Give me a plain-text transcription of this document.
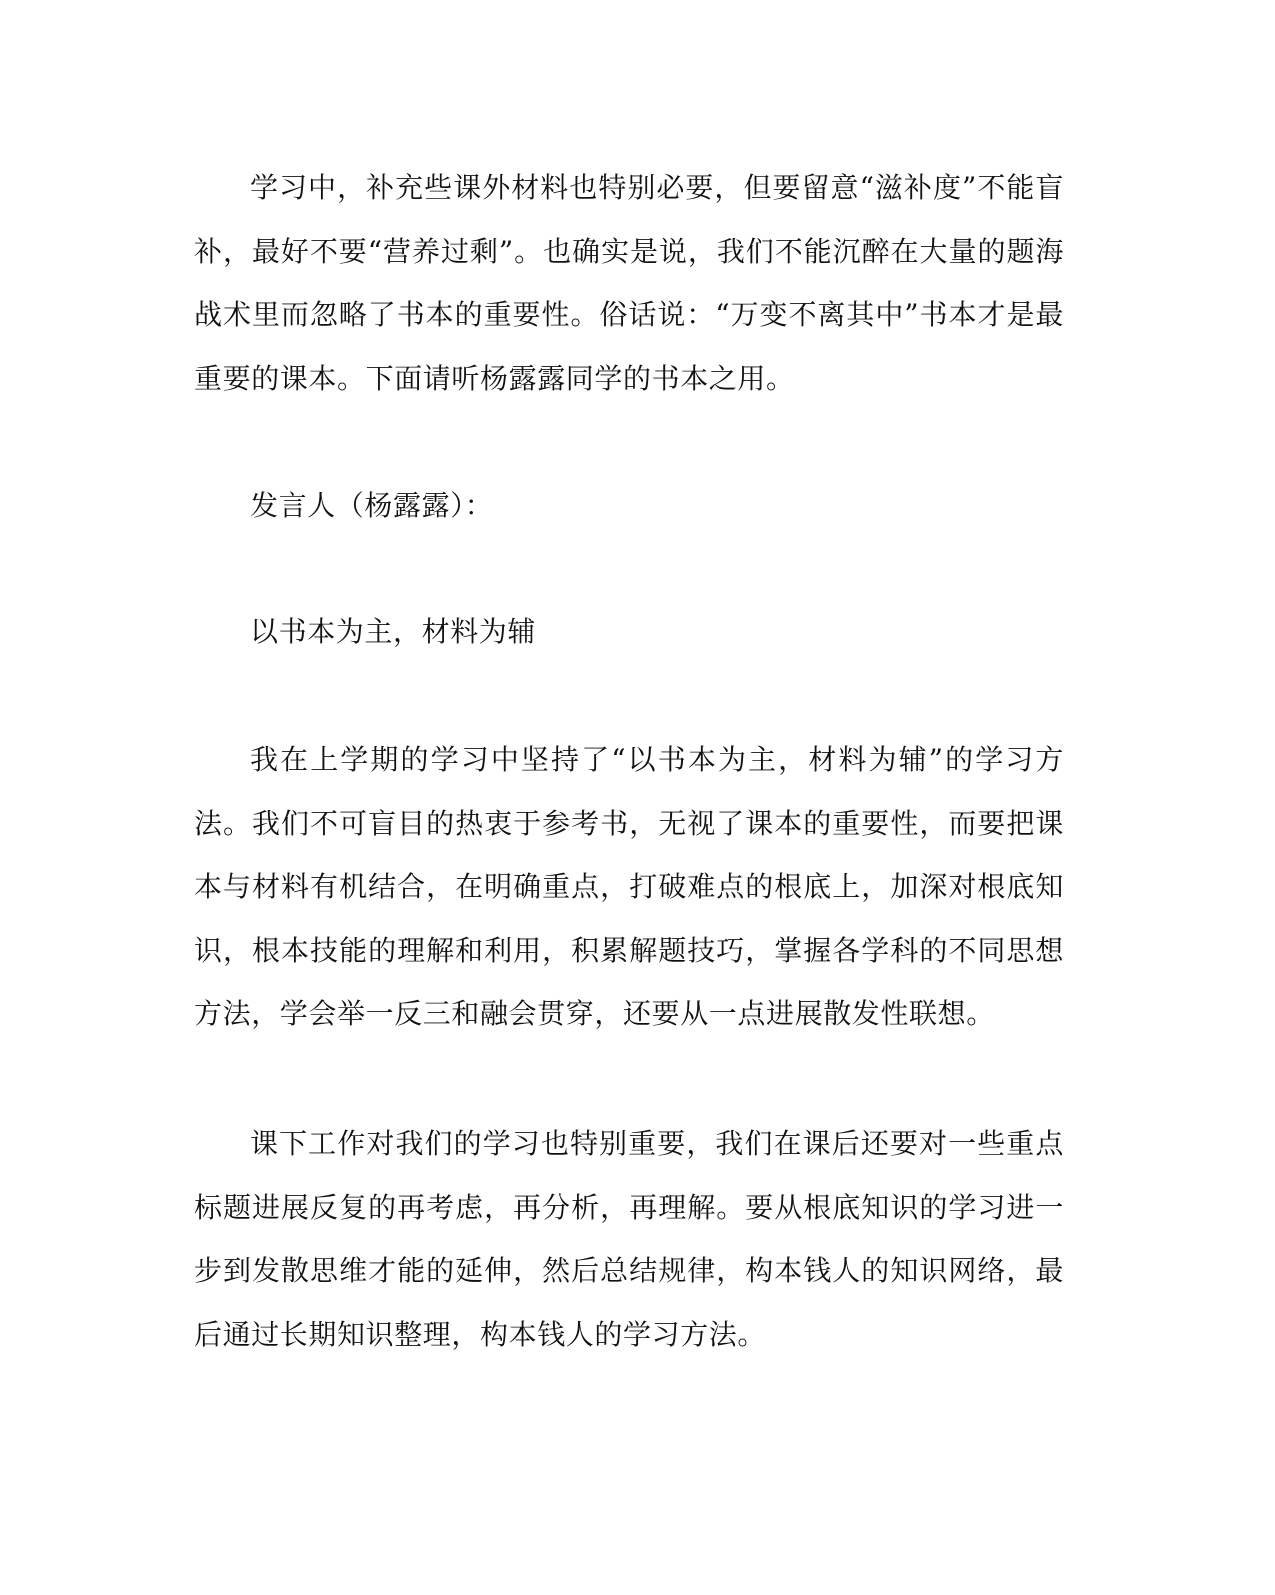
学习中，补充些课外材料也特别必要，但要留意“滋补度”不能盲补，最好不要“营养过剩”。也确实是说，我们不能沉醉在大量的题海战术里而忽略了书本的重要性。俗话说：“万变不离其中”书本才是最重要的课本。下面请听杨露露同学的书本之用。

发言人（杨露露）：

以书本为主，材料为辅

我在上学期的学习中坚持了“以书本为主，材料为辅”的学习方法。我们不可盲目的热衷于参考书，无视了课本的重要性，而要把课本与材料有机结合，在明确重点，打破难点的根底上，加深对根底知识，根本技能的理解和利用，积累解题技巧，掌握各学科的不同思想方法，学会举一反三和融会贯穿，还要从一点进展散发性联想。

课下工作对我们的学习也特别重要，我们在课后还要对一些重点标题进展反复的再考虑，再分析，再理解。要从根底知识的学习进一步到发散思维才能的延伸，然后总结规律，构本钱人的知识网络，最后通过长期知识整理，构本钱人的学习方法。
